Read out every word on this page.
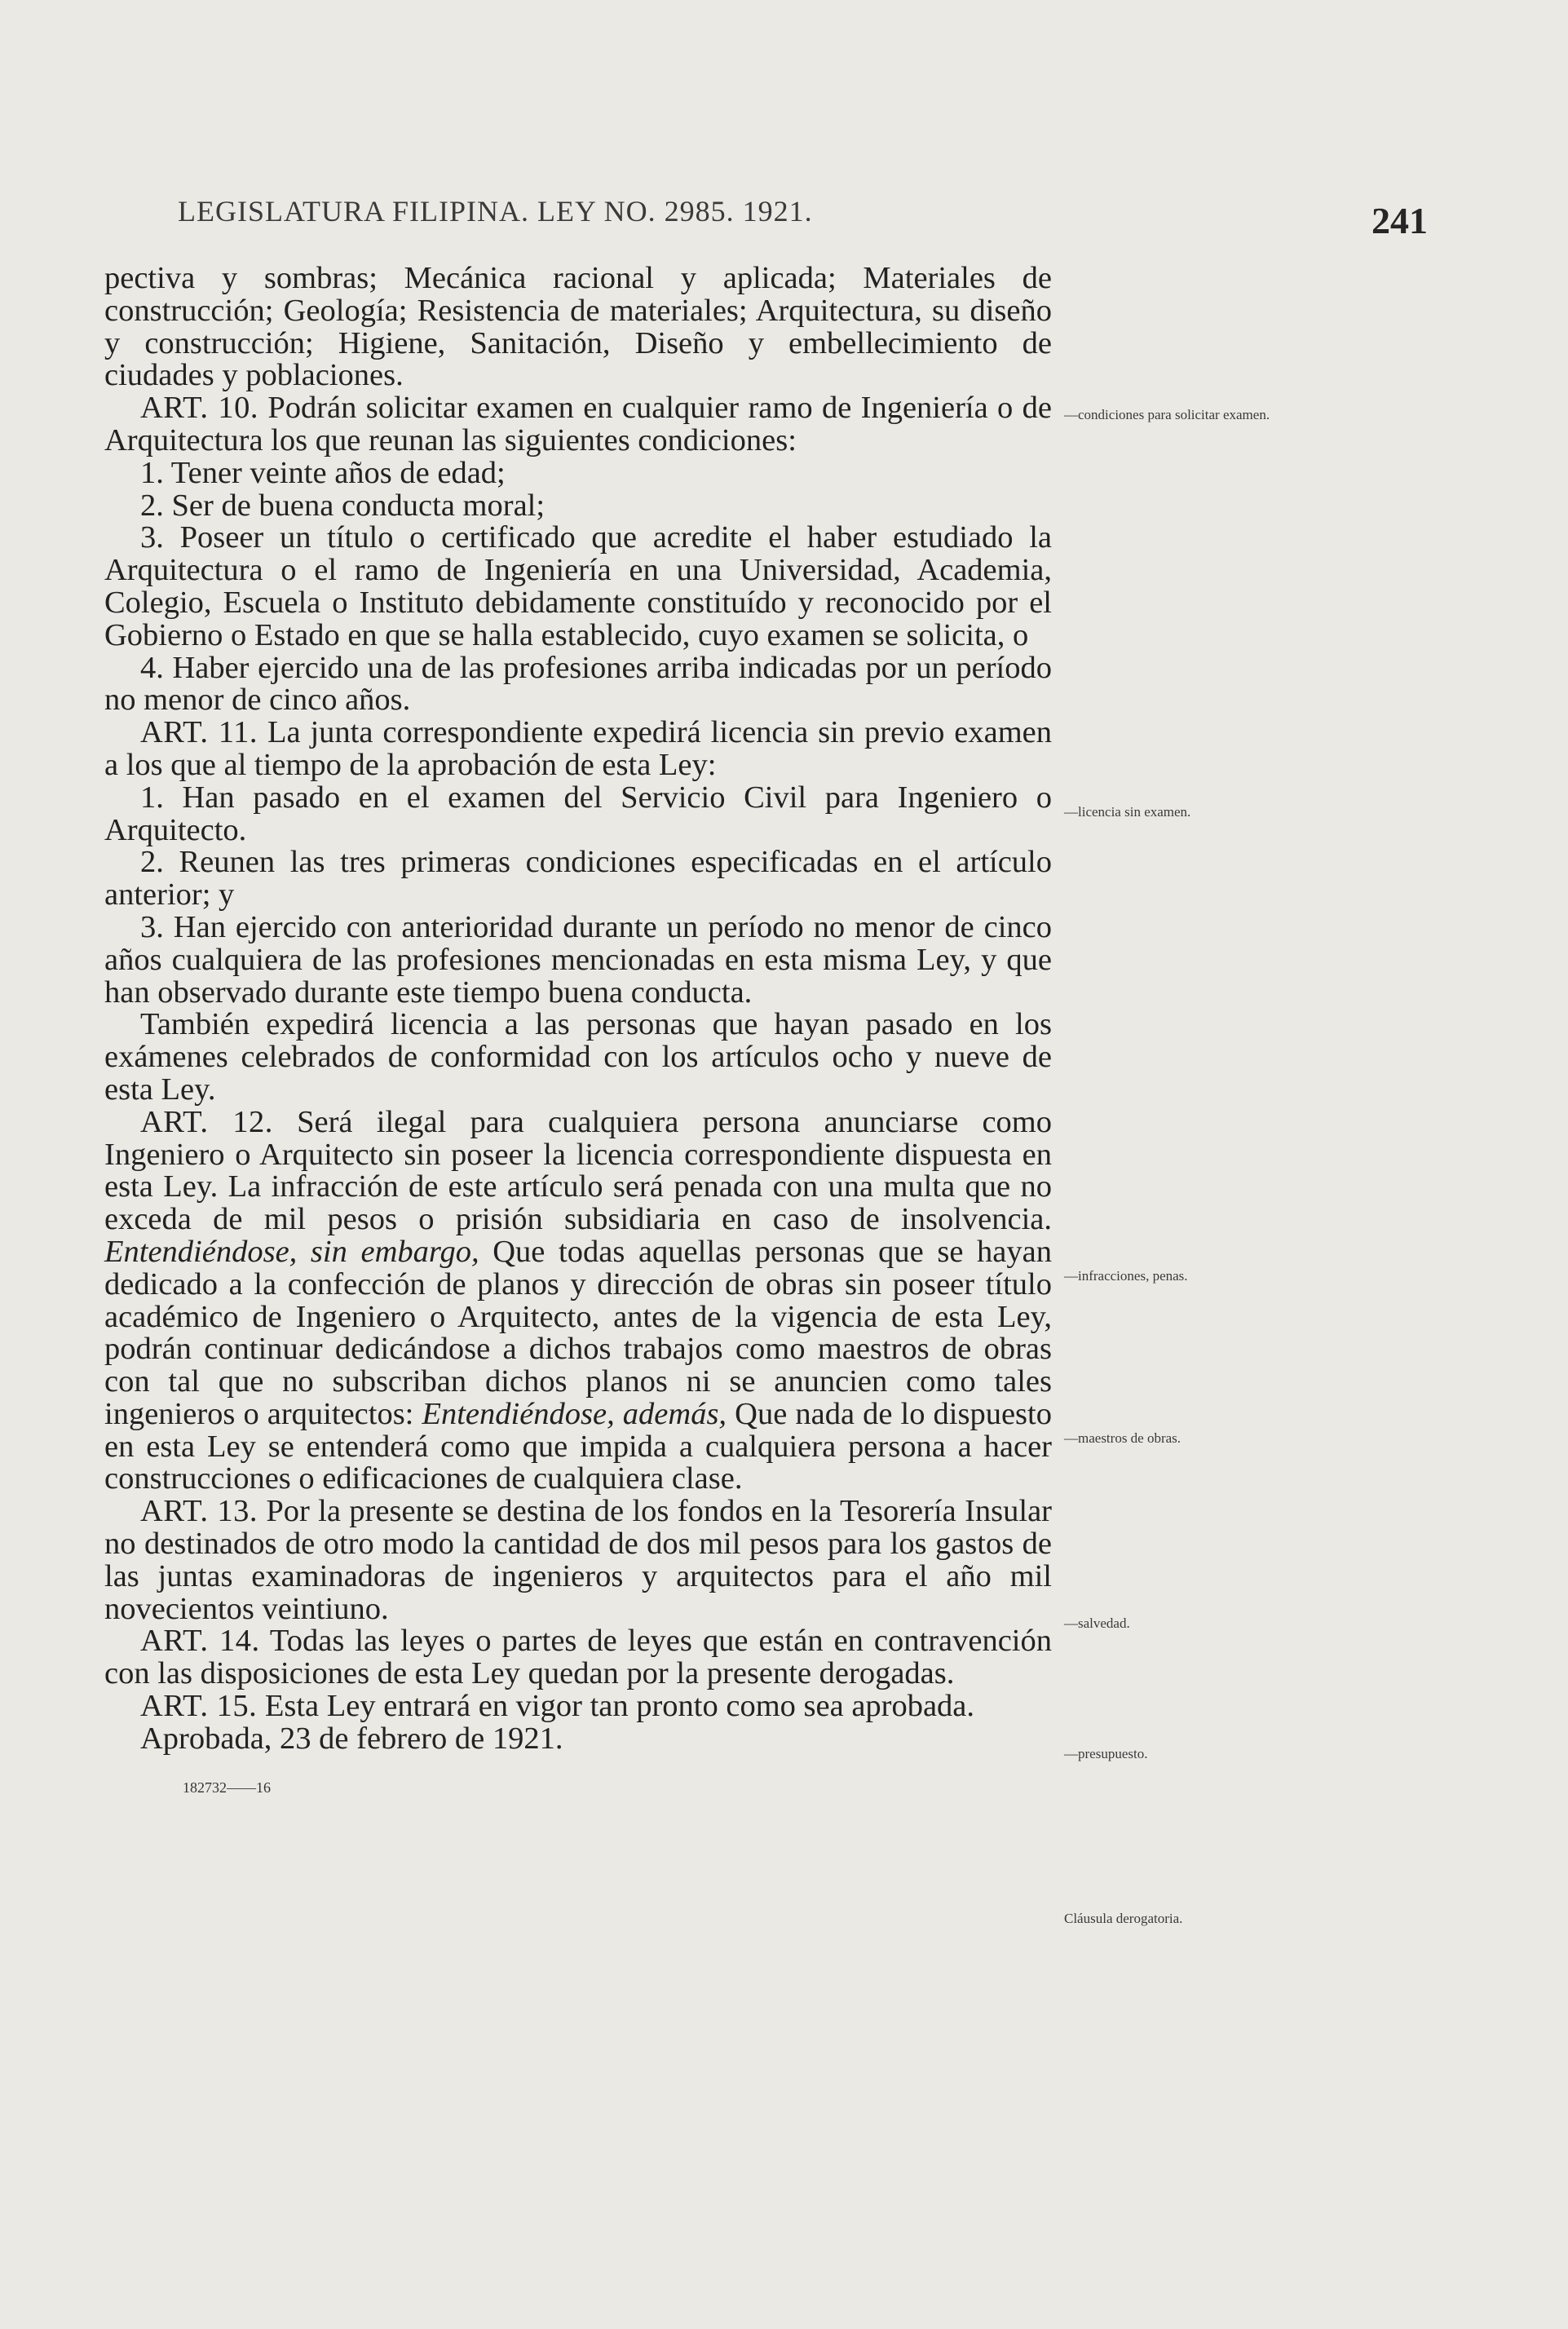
LEGISLATURA FILIPINA. LEY NO. 2985. 1921.	241

pectiva y sombras; Mecánica racional y aplicada; Materiales de construcción; Geología; Resistencia de materiales; Arquitectura, su diseño y construcción; Higiene, Sanitación, Diseño y embellecimiento de ciudades y poblaciones.

ART. 10. Podrán solicitar examen en cualquier ramo de Ingeniería o de Arquitectura los que reunan las siguientes condiciones:

1. Tener veinte años de edad;

2. Ser de buena conducta moral;

3. Poseer un título o certificado que acredite el haber estudiado la Arquitectura o el ramo de Ingeniería en una Universidad, Academia, Colegio, Escuela o Instituto debidamente constituído y reconocido por el Gobierno o Estado en que se halla establecido, cuyo examen se solicita, o

4. Haber ejercido una de las profesiones arriba indicadas por un período no menor de cinco años.

ART. 11. La junta correspondiente expedirá licencia sin previo examen a los que al tiempo de la aprobación de esta Ley:

1. Han pasado en el examen del Servicio Civil para Ingeniero o Arquitecto.

2. Reunen las tres primeras condiciones especificadas en el artículo anterior; y

3. Han ejercido con anterioridad durante un período no menor de cinco años cualquiera de las profesiones mencionadas en esta misma Ley, y que han observado durante este tiempo buena conducta.

También expedirá licencia a las personas que hayan pasado en los exámenes celebrados de conformidad con los artículos ocho y nueve de esta Ley.

ART. 12. Será ilegal para cualquiera persona anunciarse como Ingeniero o Arquitecto sin poseer la licencia correspondiente dispuesta en esta Ley. La infracción de este artículo será penada con una multa que no exceda de mil pesos o prisión subsidiaria en caso de insolvencia. Entendiéndose, sin embargo, Que todas aquellas personas que se hayan dedicado a la confección de planos y dirección de obras sin poseer título académico de Ingeniero o Arquitecto, antes de la vigencia de esta Ley, podrán continuar dedicándose a dichos trabajos como maestros de obras con tal que no subscriban dichos planos ni se anuncien como tales ingenieros o arquitectos: Entendiéndose, además, Que nada de lo dispuesto en esta Ley se entenderá como que impida a cualquiera persona a hacer construcciones o edificaciones de cualquiera clase.

ART. 13. Por la presente se destina de los fondos en la Tesorería Insular no destinados de otro modo la cantidad de dos mil pesos para los gastos de las juntas examinadoras de ingenieros y arquitectos para el año mil novecientos veintiuno.

ART. 14. Todas las leyes o partes de leyes que están en contravención con las disposiciones de esta Ley quedan por la presente derogadas.

ART. 15. Esta Ley entrará en vigor tan pronto como sea aprobada.

Aprobada, 23 de febrero de 1921.

182732——16
—condiciones para solicitar examen.
—licencia sin examen.
—infracciones, penas.
—maestros de obras.
—salvedad.
—presupuesto.
Cláusula derogatoria.
